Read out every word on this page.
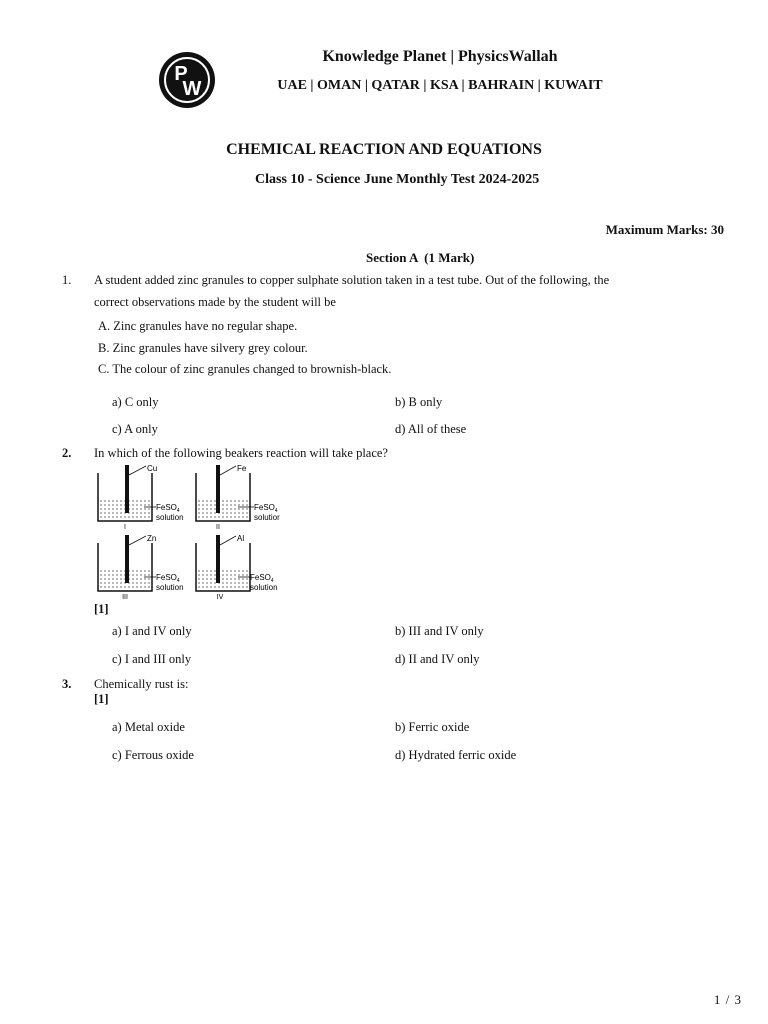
P
W
Knowledge Planet | PhysicsWallah
UAE | OMAN | QATAR | KSA | BAHRAIN | KUWAIT
CHEMICAL REACTION AND EQUATIONS
Class 10 - Science June Monthly Test 2024-2025
Maximum Marks: 30
Section A  (1 Mark)
1. A student added zinc granules to copper sulphate solution taken in a test tube. Out of the following, the
correct observations made by the student will be
A. Zinc granules have no regular shape.
B. Zinc granules have silvery grey colour.
C. The colour of zinc granules changed to brownish-black.
a) C only	b) B only
c) A only	d) All of these
2. In which of the following beakers reaction will take place?
Cu
FeSO$_4$
solution
I
Fe
FeSO$_4$
solutior
II
Zn
FeSO$_4$
solution
III
Al
FeSO$_4$
solution
IV
[1]
a) I and IV only	b) III and IV only
c) I and III only	d) II and IV only
3. Chemically rust is:
[1]
a) Metal oxide	b) Ferric oxide
c) Ferrous oxide	d) Hydrated ferric oxide
1 / 3
